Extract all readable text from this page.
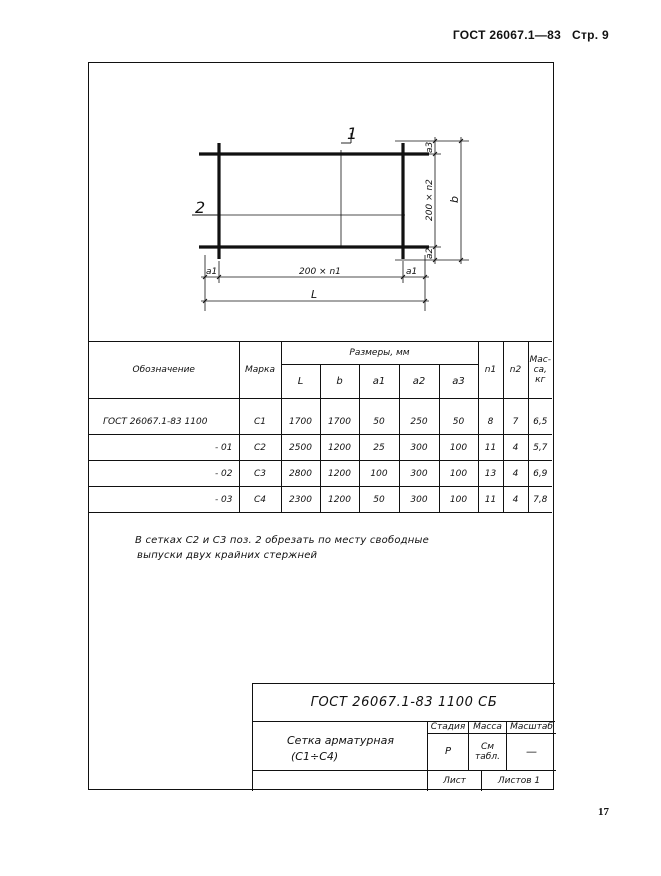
ГОСТ 26067.1—83 Стр. 9
1
2
a1	200 × n1	a1
L
a3
200 × n2
a2
b
Обозначение	Марка	Размеры, мм					n1	n2	Мас-
са,
кг

		L	b	a1	a2	a3			

ГОСТ 26067.1-83 1100	С1	1700	1700	50	250	50	8	7	6,5
- 01	С2	2500	1200	25	300	100	11	4	5,7
- 02	С3	2800	1200	100	300	100	13	4	6,9
- 03	С4	2300	1200	50	300	100	11	4	7,8
В сетках С2 и С3 поз. 2 обрезать по месту свободные
выпуски двух крайних стержней
ГОСТ 26067.1-83 1100 СБ
Сетка арматурная
(С1÷С4)
Стадия Масса Масштаб
Р	См
табл.	—
Лист	Листов 1
17
